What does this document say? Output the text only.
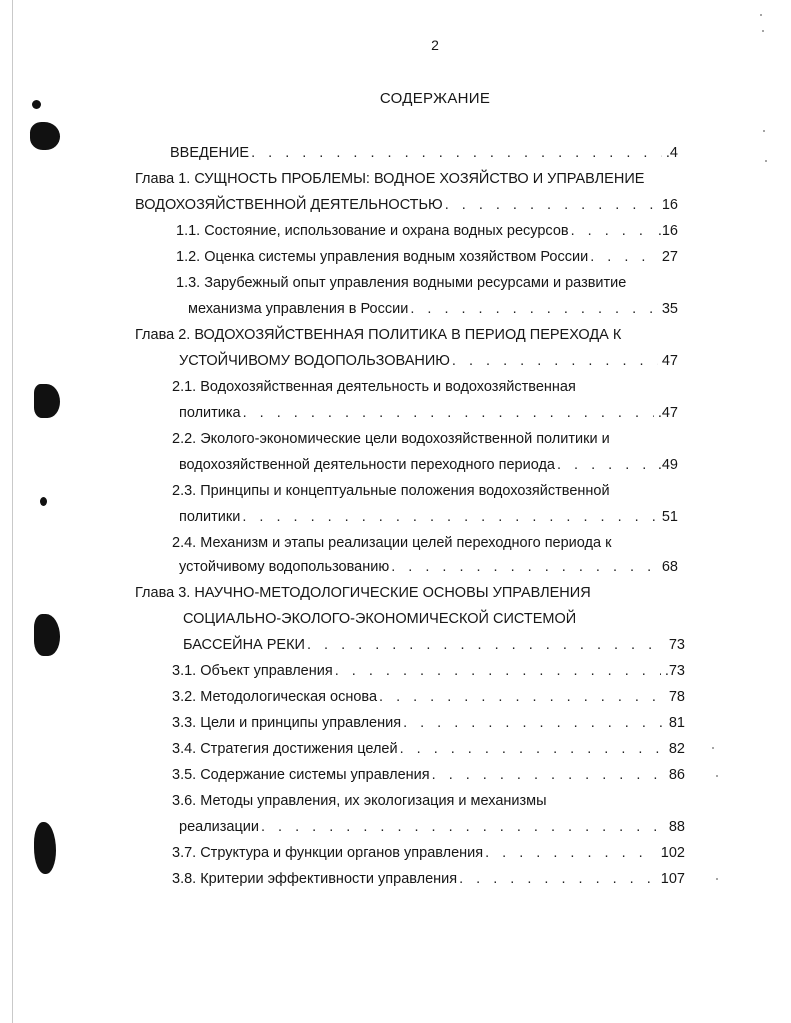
2
СОДЕРЖАНИЕ
ВВЕДЕНИЕ . . .	.4
Глава 1. СУЩНОСТЬ ПРОБЛЕМЫ: ВОДНОЕ ХОЗЯЙСТВО И УПРАВЛЕНИЕ
ВОДОХОЗЯЙСТВЕННОЙ ДЕЯТЕЛЬНОСТЬЮ . . .	16
1.1. Состояние, использование и охрана водных ресурсов . . .	.16
1.2. Оценка системы управления водным хозяйством России . . .	27
1.3. Зарубежный опыт управления водными ресурсами и развитие
механизма управления в России . . .	35
Глава 2. ВОДОХОЗЯЙСТВЕННАЯ ПОЛИТИКА В ПЕРИОД ПЕРЕХОДА К
УСТОЙЧИВОМУ ВОДОПОЛЬЗОВАНИЮ . . .	47
2.1. Водохозяйственная деятельность и водохозяйственная
политика . . .	.47
2.2. Эколого-экономические цели водохозяйственной политики и
водохозяйственной деятельности переходного периода . . .	.49
2.3. Принципы и концептуальные положения водохозяйственной
политики . . .	51
2.4. Механизм и этапы реализации целей переходного периода к
устойчивому водопользованию . . .	68
Глава 3. НАУЧНО-МЕТОДОЛОГИЧЕСКИЕ ОСНОВЫ УПРАВЛЕНИЯ
СОЦИАЛЬНО-ЭКОЛОГО-ЭКОНОМИЧЕСКОЙ СИСТЕМОЙ
БАССЕЙНА РЕКИ . . .	73
3.1. Объект управления . . .	.73
3.2. Методологическая основа . . .	78
3.3. Цели и принципы управления . . .	81
3.4. Стратегия достижения целей . . .	82
3.5. Содержание системы управления . . .	86
3.6. Методы управления, их экологизация и механизмы
реализации . . .	88
3.7. Структура и функции органов управления . . .	102
3.8. Критерии эффективности управления . . .	107
